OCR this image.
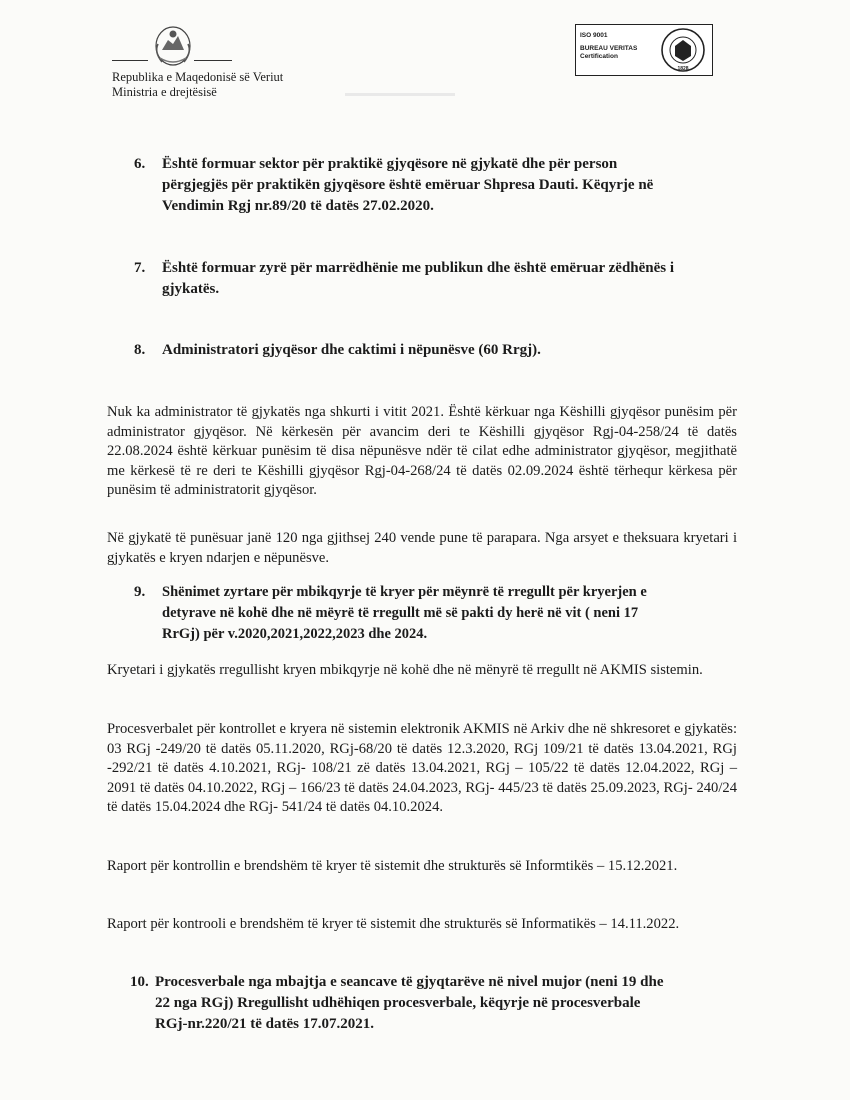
Republika e Maqedonisë së Veriut
Ministria e drejtësisë
ISO 9001
BUREAU VERITAS
Certification
1828
6. Është formuar sektor për praktikë gjyqësore në gjykatë dhe për person
përgjegjës për praktikën gjyqësore është emëruar Shpresa Dauti. Këqyrje në
Vendimin Rgj nr.89/20 të datës 27.02.2020.
7. Është formuar zyrë për marrëdhënie me publikun dhe është emëruar zëdhënës i
gjykatës.
8. Administratori gjyqësor dhe caktimi i nëpunësve (60 Rrgj).
Nuk ka administrator të gjykatës nga shkurti i vitit 2021. Është kërkuar nga Këshilli gjyqësor punësim për administrator gjyqësor. Në kërkesën për avancim deri te Këshilli gjyqësor Rgj-04-258/24 të datës 22.08.2024 është kërkuar punësim të disa nëpunësve ndër të cilat edhe administrator gjyqësor, megjithatë me kërkesë të re deri te Këshilli gjyqësor Rgj-04-268/24 të datës 02.09.2024 është tërhequr kërkesa për punësim të administratorit gjyqësor.
Në gjykatë të punësuar janë 120 nga gjithsej 240 vende pune të parapara. Nga arsyet e theksuara kryetari i gjykatës e kryen ndarjen e nëpunësve.
9. Shënimet zyrtare për mbikqyrje të kryer për mëynrë të rregullt për kryerjen e
detyrave në kohë dhe në mëyrë të rregullt më së pakti dy herë në vit ( neni 17
RrGj) për v.2020,2021,2022,2023 dhe 2024.
Kryetari i gjykatës rregullisht kryen mbikqyrje në kohë dhe në mënyrë të rregullt në AKMIS sistemin.
Procesverbalet për kontrollet e kryera në sistemin elektronik AKMIS në Arkiv dhe në shkresoret e gjykatës: 03 RGj -249/20 të datës 05.11.2020, RGj-68/20 të datës 12.3.2020, RGj 109/21 të datës 13.04.2021, RGj -292/21 të datës 4.10.2021, RGj- 108/21 zë datës 13.04.2021, RGj – 105/22 të datës 12.04.2022, RGj – 2091 të datës 04.10.2022, RGj – 166/23 të datës 24.04.2023, RGj- 445/23 të datës 25.09.2023, RGj- 240/24 të datës 15.04.2024 dhe RGj- 541/24 të datës 04.10.2024.
Raport për kontrollin e brendshëm të kryer të sistemit dhe strukturës së Informtikës – 15.12.2021.
Raport për kontrooli e brendshëm të kryer të sistemit dhe strukturës së Informatikës – 14.11.2022.
10. Procesverbale nga mbajtja e seancave të gjyqtarëve në nivel mujor (neni 19 dhe
22 nga RGj) Rregullisht udhëhiqen procesverbale, këqyrje në procesverbale
RGj-nr.220/21 të datës 17.07.2021.
